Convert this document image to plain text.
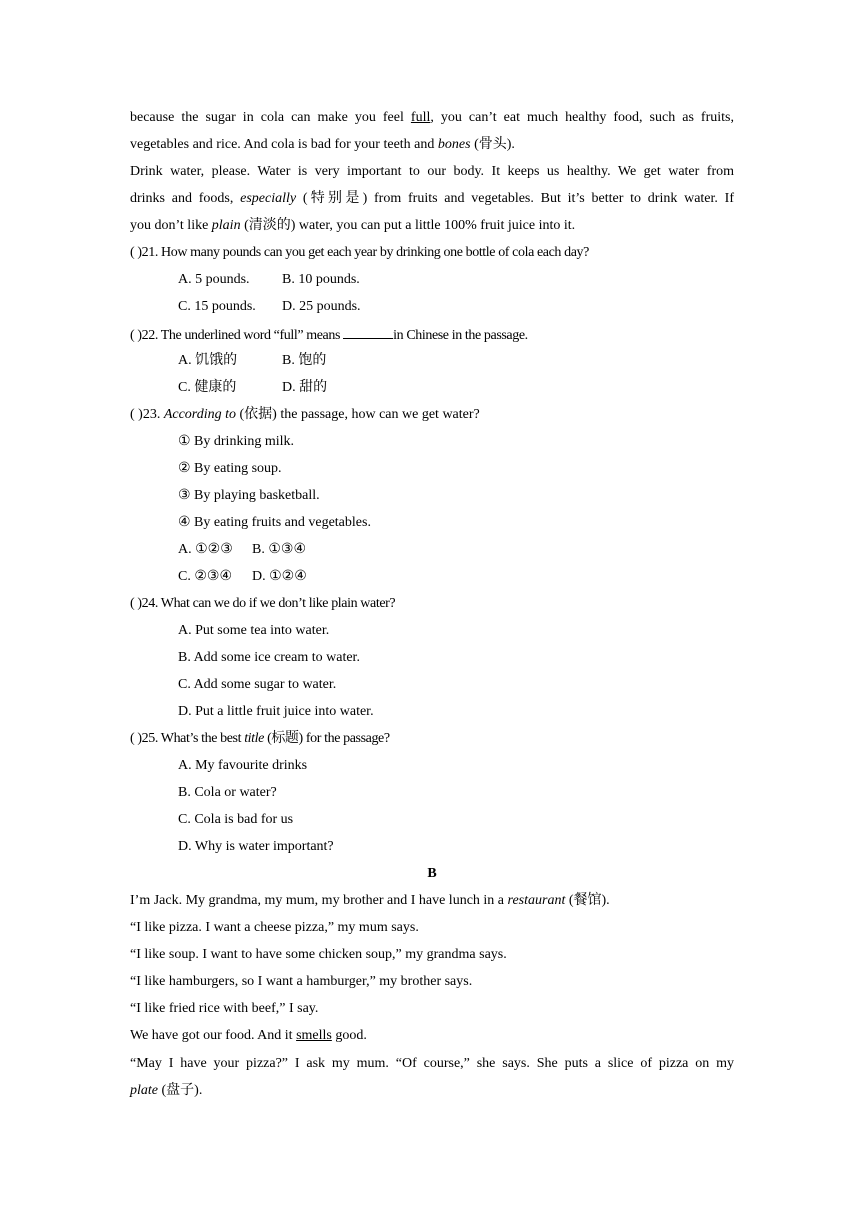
because the sugar in cola can make you feel full, you can’t eat much healthy food, such as fruits,
vegetables and rice. And cola is bad for your teeth and bones (骨头).
Drink water, please. Water is very important to our body. It keeps us healthy. We get water from
drinks and foods, especially (特别是) from fruits and vegetables. But it’s better to drink water. If
you don’t like plain (清淡的) water, you can put a little 100% fruit juice into it.
( )21. How many pounds can you get each year by drinking one bottle of cola each day?
A. 5 pounds. B. 10 pounds.
C. 15 pounds. D. 25 pounds.
( )22. The underlined word “full” means	in Chinese in the passage.
A. 饥饿的	B. 饱的
C. 健康的	D. 甜的
( )23. According to (依据) the passage, how can we get water?
① By drinking milk.
② By eating soup.
③ By playing basketball.
④ By eating fruits and vegetables.
A. ①②③ B. ①③④
C. ②③④ D. ①②④
( )24. What can we do if we don’t like plain water?
A. Put some tea into water.
B. Add some ice cream to water.
C. Add some sugar to water.
D. Put a little fruit juice into water.
( )25. What’s the best title (标题) for the passage?
A. My favourite drinks
B. Cola or water?
C. Cola is bad for us
D. Why is water important?
B
I’m Jack. My grandma, my mum, my brother and I have lunch in a restaurant (餐馆).
“I like pizza. I want a cheese pizza,” my mum says.
“I like soup. I want to have some chicken soup,” my grandma says.
“I like hamburgers, so I want a hamburger,” my brother says.
“I like fried rice with beef,” I say.
We have got our food. And it smells good.
“May I have your pizza?” I ask my mum. “Of course,” she says. She puts a slice of pizza on my
plate (盘子).
